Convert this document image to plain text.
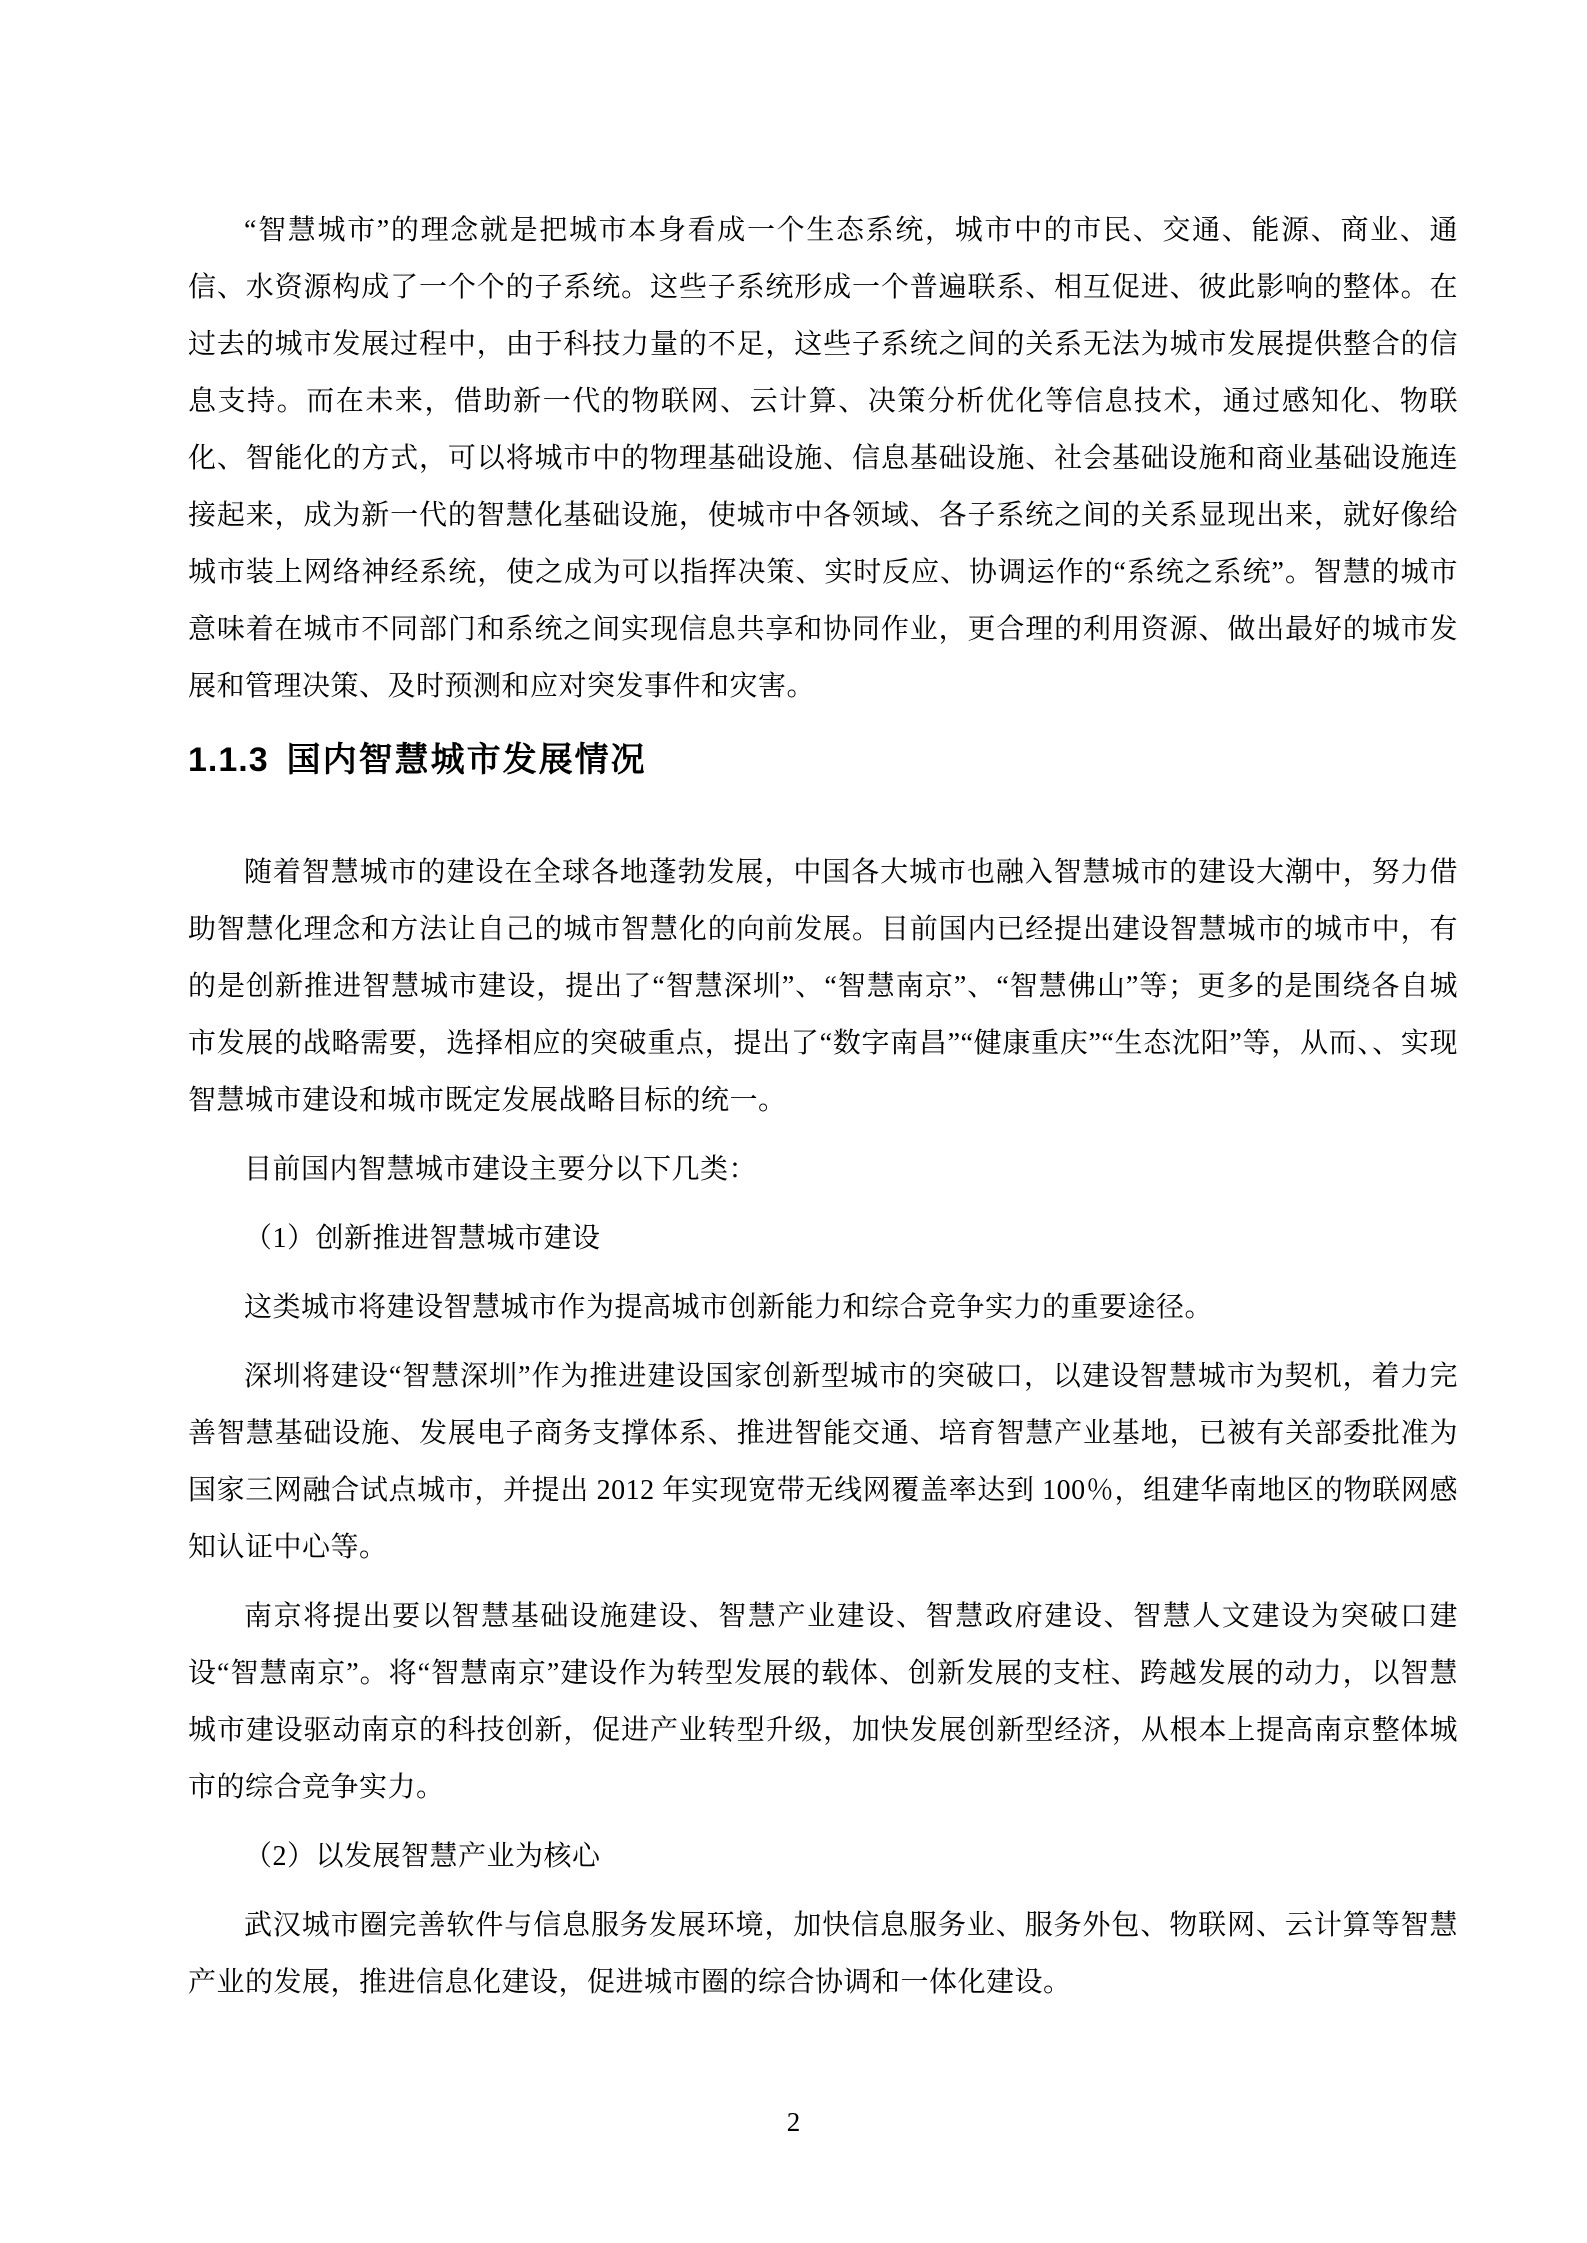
“智慧城市”的理念就是把城市本身看成一个生态系统，城市中的市民、交通、能源、商业、通信、水资源构成了一个个的子系统。这些子系统形成一个普遍联系、相互促进、彼此影响的整体。在过去的城市发展过程中，由于科技力量的不足，这些子系统之间的关系无法为城市发展提供整合的信息支持。而在未来，借助新一代的物联网、云计算、决策分析优化等信息技术，通过感知化、物联化、智能化的方式，可以将城市中的物理基础设施、信息基础设施、社会基础设施和商业基础设施连接起来，成为新一代的智慧化基础设施，使城市中各领域、各子系统之间的关系显现出来，就好像给城市装上网络神经系统，使之成为可以指挥决策、实时反应、协调运作的“系统之系统”。智慧的城市意味着在城市不同部门和系统之间实现信息共享和协同作业，更合理的利用资源、做出最好的城市发展和管理决策、及时预测和应对突发事件和灾害。

1.1.3 国内智慧城市发展情况

随着智慧城市的建设在全球各地蓬勃发展，中国各大城市也融入智慧城市的建设大潮中，努力借助智慧化理念和方法让自己的城市智慧化的向前发展。目前国内已经提出建设智慧城市的城市中，有的是创新推进智慧城市建设，提出了“智慧深圳”、“智慧南京”、“智慧佛山”等；更多的是围绕各自城市发展的战略需要，选择相应的突破重点，提出了“数字南昌”“健康重庆”“生态沈阳”等，从而、、实现智慧城市建设和城市既定发展战略目标的统一。

目前国内智慧城市建设主要分以下几类：

（1）创新推进智慧城市建设

这类城市将建设智慧城市作为提高城市创新能力和综合竞争实力的重要途径。

深圳将建设“智慧深圳”作为推进建设国家创新型城市的突破口，以建设智慧城市为契机，着力完善智慧基础设施、发展电子商务支撑体系、推进智能交通、培育智慧产业基地，已被有关部委批准为国家三网融合试点城市，并提出 2012 年实现宽带无线网覆盖率达到 100％，组建华南地区的物联网感知认证中心等。

南京将提出要以智慧基础设施建设、智慧产业建设、智慧政府建设、智慧人文建设为突破口建设“智慧南京”。将“智慧南京”建设作为转型发展的载体、创新发展的支柱、跨越发展的动力，以智慧城市建设驱动南京的科技创新，促进产业转型升级，加快发展创新型经济，从根本上提高南京整体城市的综合竞争实力。

（2）以发展智慧产业为核心

武汉城市圈完善软件与信息服务发展环境，加快信息服务业、服务外包、物联网、云计算等智慧产业的发展，推进信息化建设，促进城市圈的综合协调和一体化建设。

2
